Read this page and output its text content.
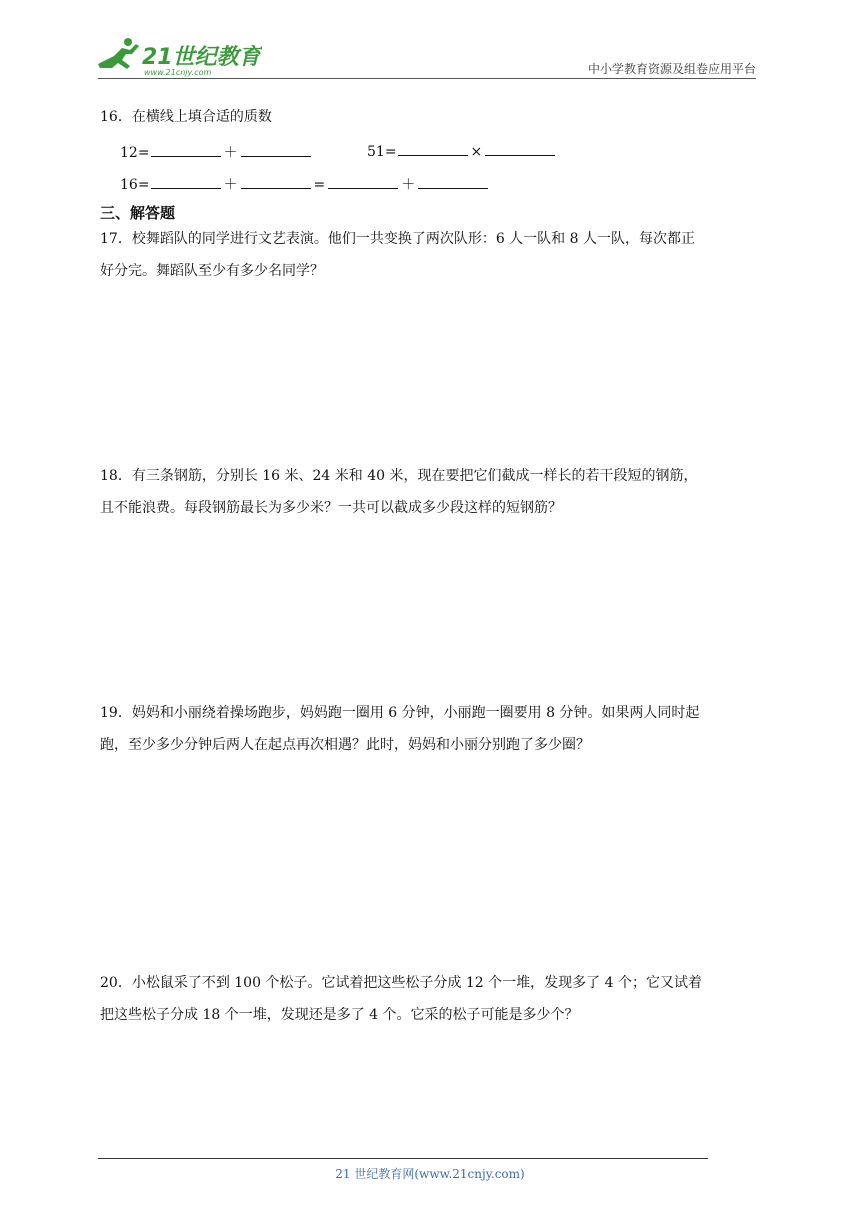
21世纪教育
www.21cnjy.com	中小学教育资源及组卷应用平台
16．在横线上填合适的质数
12=	＋	51=	×
16=	＋	=	＋
三、解答题
17．校舞蹈队的同学进行文艺表演。他们一共变换了两次队形：6 人一队和 8 人一队，每次都正
好分完。舞蹈队至少有多少名同学？
18．有三条钢筋，分别长 16 米、24 米和 40 米，现在要把它们截成一样长的若干段短的钢筋，
且不能浪费。每段钢筋最长为多少米？一共可以截成多少段这样的短钢筋？
19．妈妈和小丽绕着操场跑步，妈妈跑一圈用 6 分钟，小丽跑一圈要用 8 分钟。如果两人同时起
跑，至少多少分钟后两人在起点再次相遇？此时，妈妈和小丽分别跑了多少圈？
20．小松鼠采了不到 100 个松子。它试着把这些松子分成 12 个一堆，发现多了 4 个；它又试着
把这些松子分成 18 个一堆，发现还是多了 4 个。它采的松子可能是多少个？
21 世纪教育网(www.21cnjy.com)
